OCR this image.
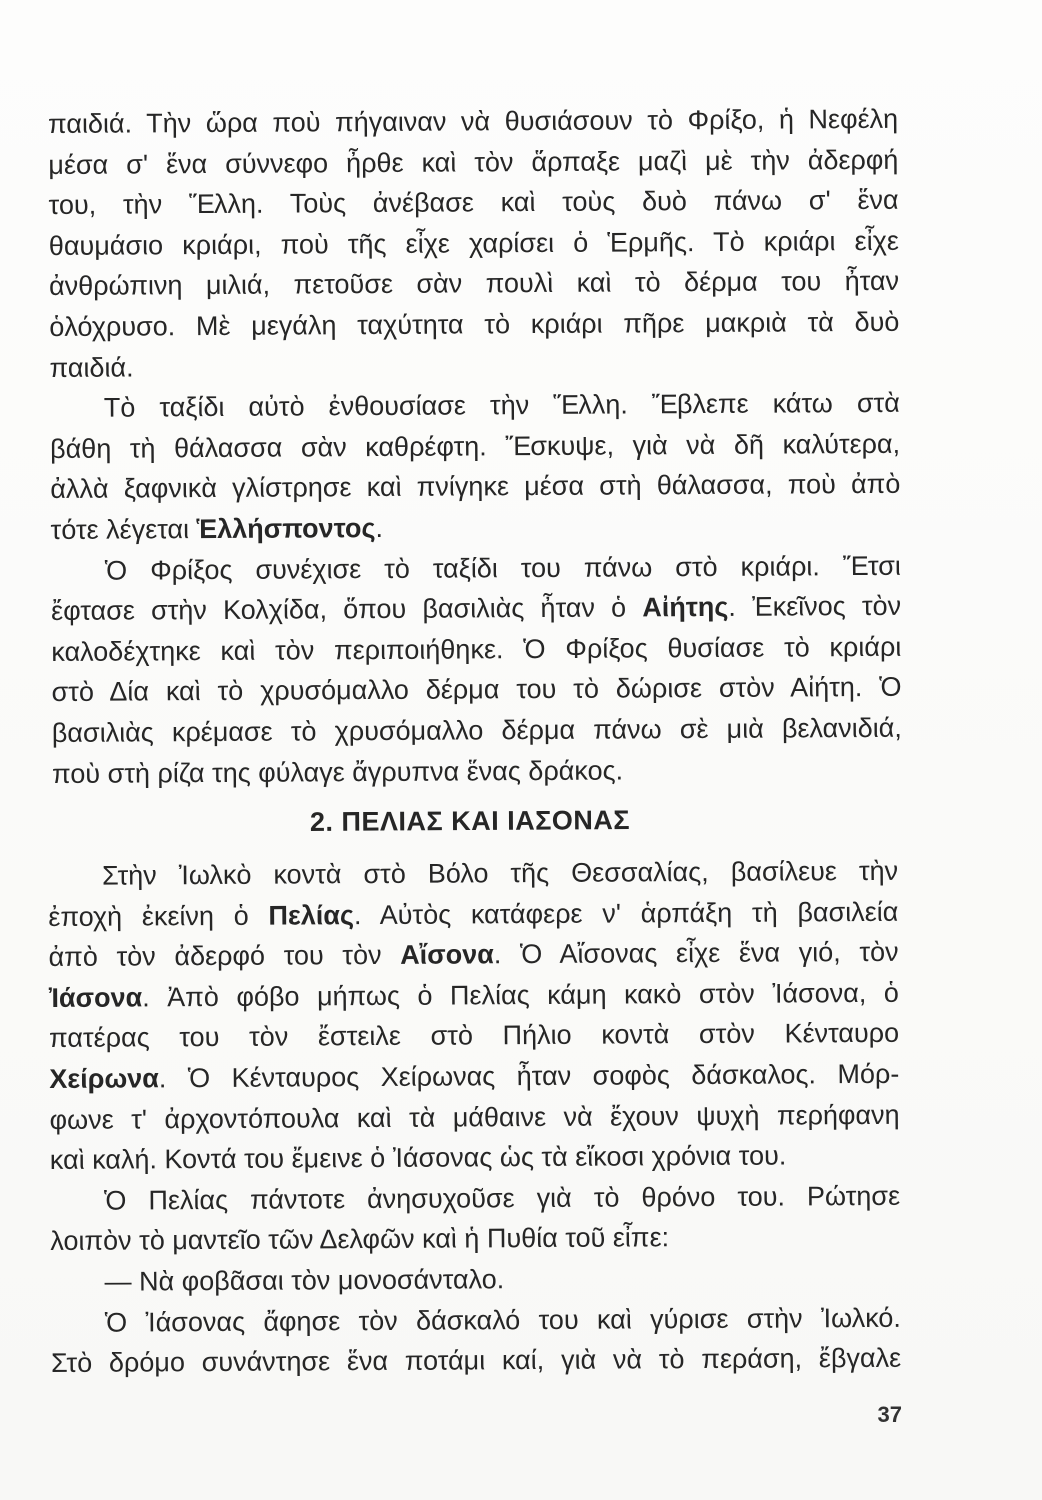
παιδιά. Τὴν ὥρα ποὺ πήγαιναν νὰ θυσιάσουν τὸ Φρίξο, ἡ Νεφέλη
μέσα σ' ἕνα σύννεφο ἦρθε καὶ τὸν ἅρπαξε μαζὶ μὲ τὴν ἀδερφή
του, τὴν Ἕλλη. Τοὺς ἀνέβασε καὶ τοὺς δυὸ πάνω σ' ἕνα
θαυμάσιο κριάρι, ποὺ τῆς εἶχε χαρίσει ὁ Ἑρμῆς. Τὸ κριάρι εἶχε
ἀνθρώπινη μιλιά, πετοῦσε σὰν πουλὶ καὶ τὸ δέρμα του ἦταν
ὁλόχρυσο. Μὲ μεγάλη ταχύτητα τὸ κριάρι πῆρε μακριὰ τὰ δυὸ
παιδιά.
Τὸ ταξίδι αὐτὸ ἐνθουσίασε τὴν Ἕλλη. Ἔβλεπε κάτω στὰ
βάθη τὴ θάλασσα σὰν καθρέφτη. Ἔσκυψε, γιὰ νὰ δῆ καλύτερα,
ἀλλὰ ξαφνικὰ γλίστρησε καὶ πνίγηκε μέσα στὴ θάλασσα, ποὺ ἀπὸ
τότε λέγεται Ἑλλήσποντος.
Ὁ Φρίξος συνέχισε τὸ ταξίδι του πάνω στὸ κριάρι. Ἔτσι
ἔφτασε στὴν Κολχίδα, ὅπου βασιλιὰς ἦταν ὁ Αἰήτης. Ἐκεῖνος τὸν
καλοδέχτηκε καὶ τὸν περιποιήθηκε. Ὁ Φρίξος θυσίασε τὸ κριάρι
στὸ Δία καὶ τὸ χρυσόμαλλο δέρμα του τὸ δώρισε στὸν Αἰήτη. Ὁ
βασιλιὰς κρέμασε τὸ χρυσόμαλλο δέρμα πάνω σὲ μιὰ βελανιδιά,
ποὺ στὴ ρίζα της φύλαγε ἄγρυπνα ἕνας δράκος.
2. ΠΕΛΙΑΣ ΚΑΙ ΙΑΣΟΝΑΣ
Στὴν Ἰωλκὸ κοντὰ στὸ Βόλο τῆς Θεσσαλίας, βασίλευε τὴν
ἐποχὴ ἐκείνη ὁ Πελίας. Αὐτὸς κατάφερε ν' ἁρπάξη τὴ βασιλεία
ἀπὸ τὸν ἀδερφό του τὸν Αἴσονα. Ὁ Αἴσονας εἶχε ἕνα γιό, τὸν
Ἰάσονα. Ἀπὸ φόβο μήπως ὁ Πελίας κάμη κακὸ στὸν Ἰάσονα, ὁ
πατέρας του τὸν ἔστειλε στὸ Πήλιο κοντὰ στὸν Κένταυρο
Χείρωνα. Ὁ Κένταυρος Χείρωνας ἦταν σοφὸς δάσκαλος. Μόρ-
φωνε τ' ἀρχοντόπουλα καὶ τὰ μάθαινε νὰ ἔχουν ψυχὴ περήφανη
καὶ καλή. Κοντά του ἔμεινε ὁ Ἰάσονας ὡς τὰ εἴκοσι χρόνια του.
Ὁ Πελίας πάντοτε ἀνησυχοῦσε γιὰ τὸ θρόνο του. Ρώτησε
λοιπὸν τὸ μαντεῖο τῶν Δελφῶν καὶ ἡ Πυθία τοῦ εἶπε:
— Νὰ φοβᾶσαι τὸν μονοσάνταλο.
Ὁ Ἰάσονας ἄφησε τὸν δάσκαλό του καὶ γύρισε στὴν Ἰωλκό.
Στὸ δρόμο συνάντησε ἕνα ποτάμι καί, γιὰ νὰ τὸ περάση, ἔβγαλε
37
